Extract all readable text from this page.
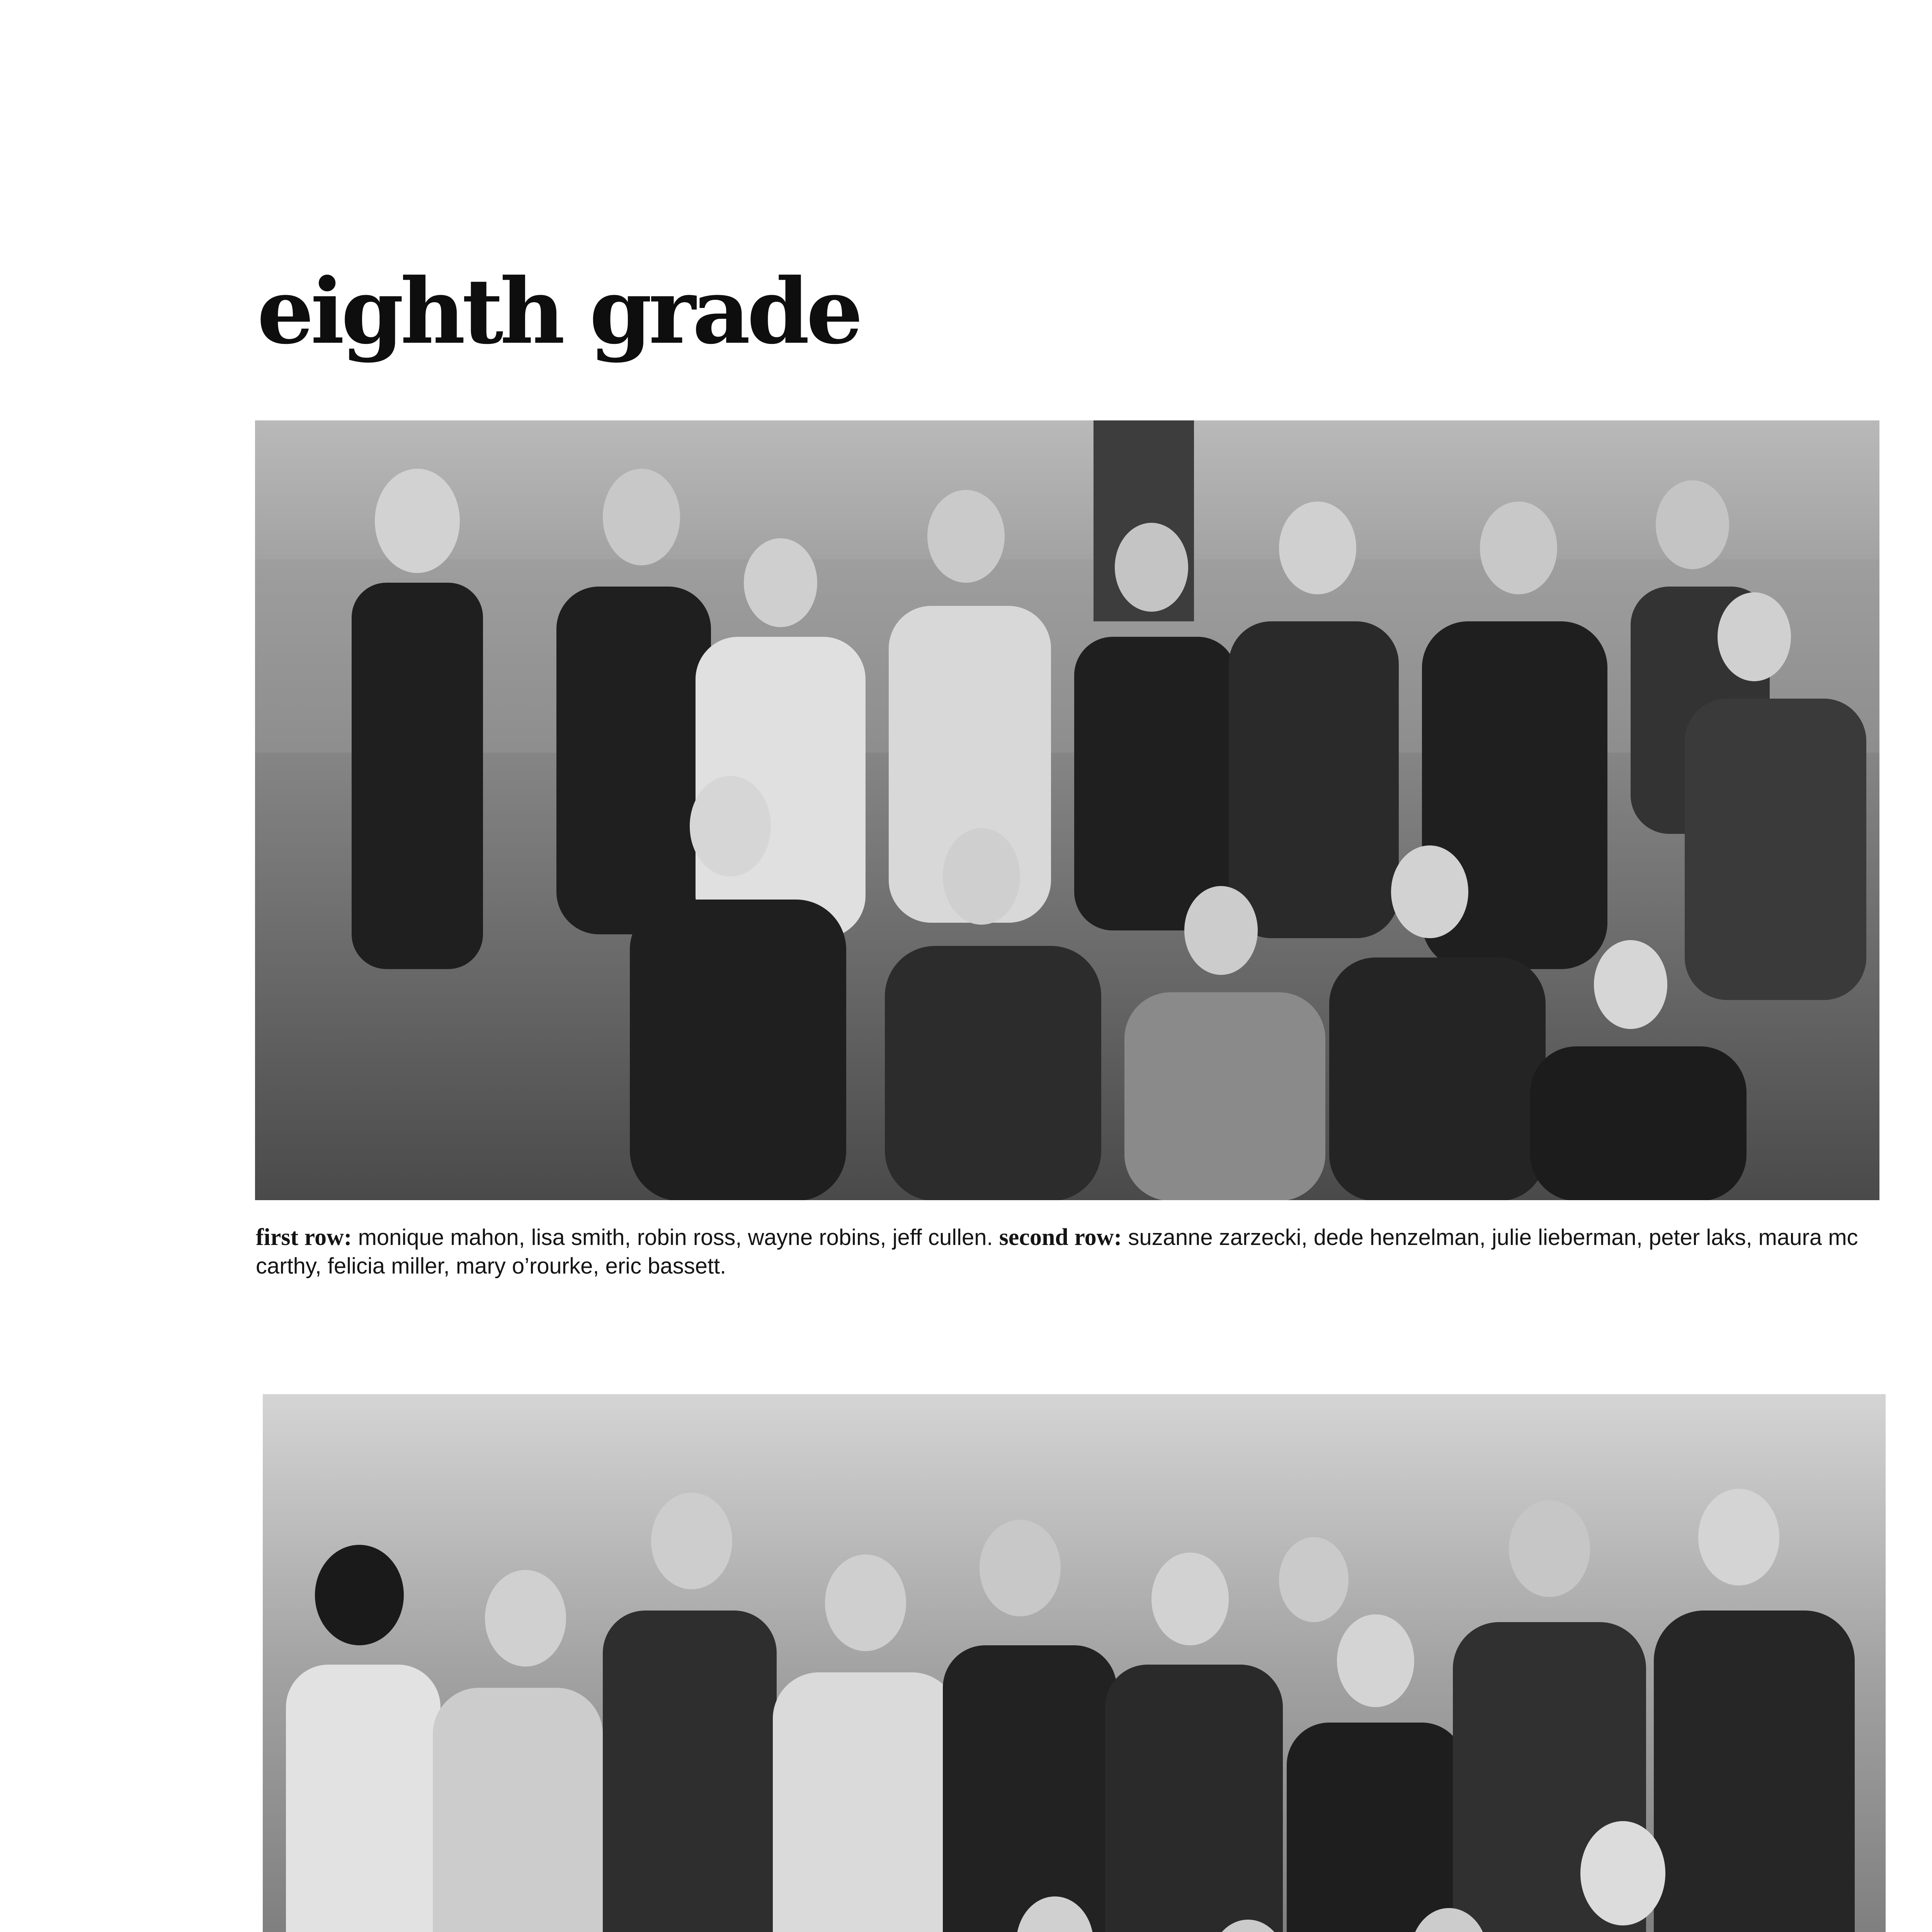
eighth grade

first row: monique mahon, lisa smith, robin ross, wayne robins, jeff cullen. second row: suzanne zarzecki, dede henzelman, julie lieberman, peter laks, maura mc carthy, felicia miller, mary o’rourke, eric bassett.
